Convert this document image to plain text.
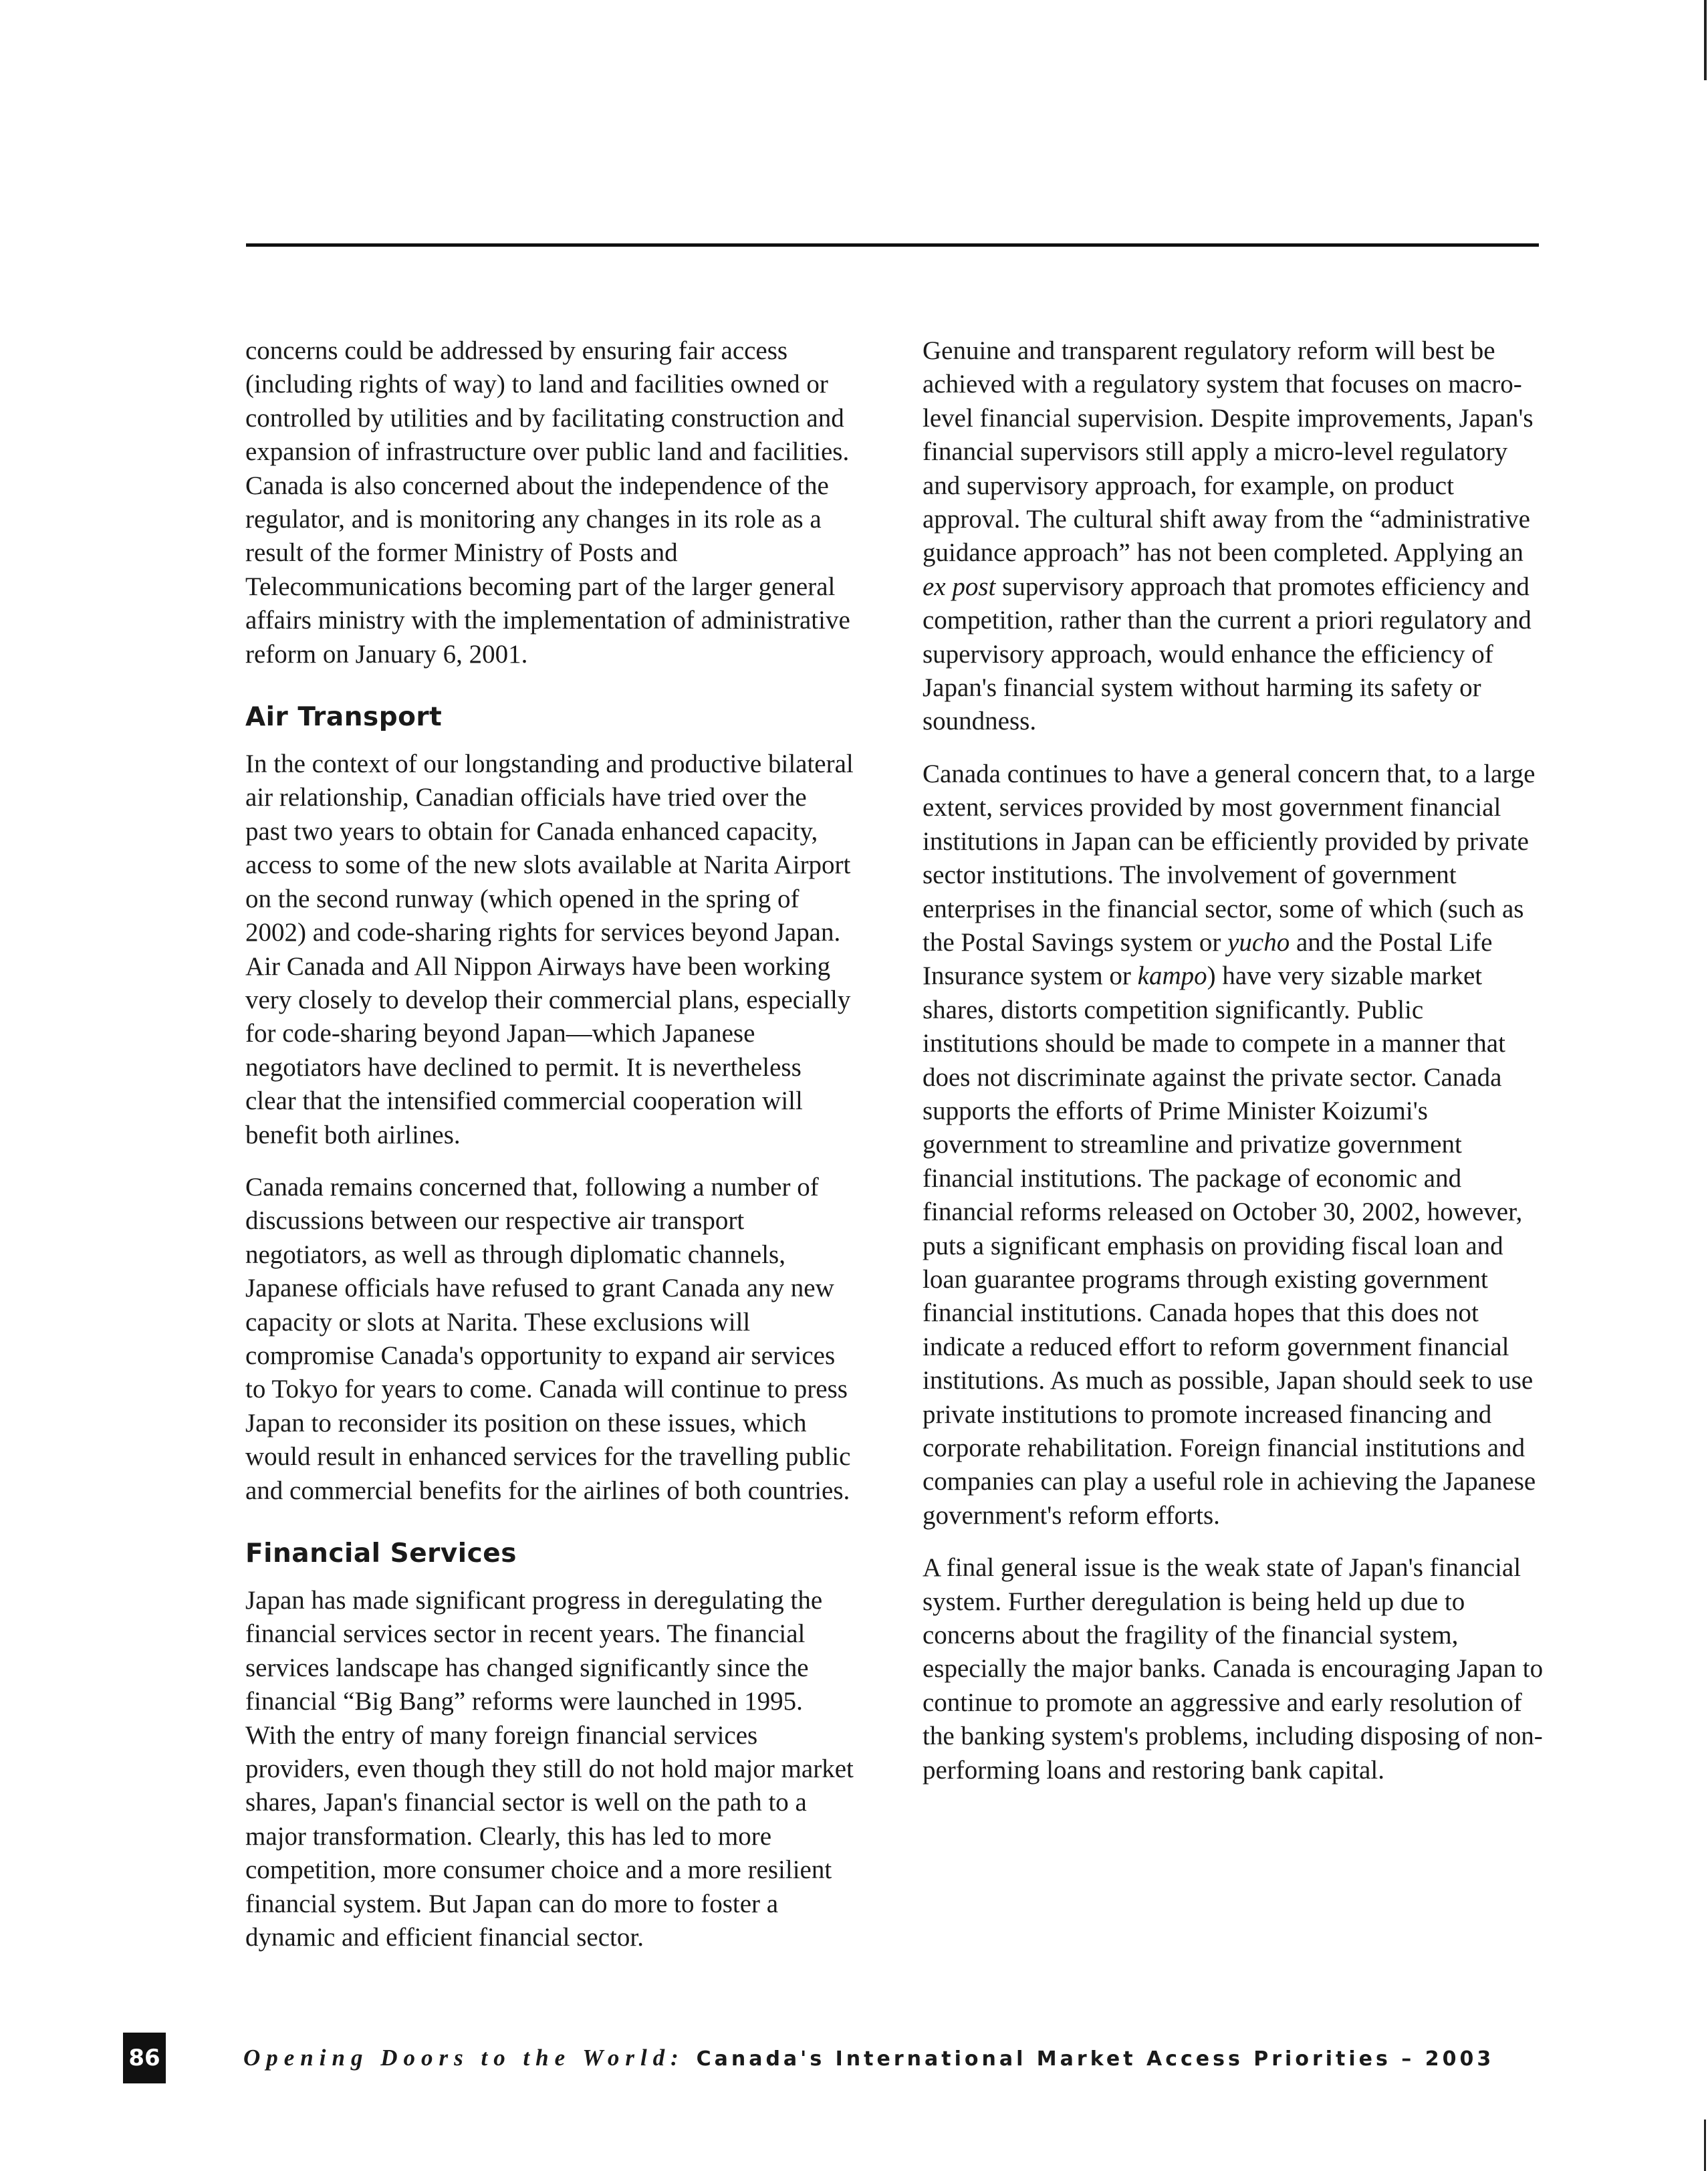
concerns could be addressed by ensuring fair access (including rights of way) to land and facilities owned or controlled by utilities and by facilitating construction and expansion of infrastructure over public land and facilities. Canada is also concerned about the independence of the regulator, and is monitoring any changes in its role as a result of the former Ministry of Posts and Telecommunications becoming part of the larger general affairs ministry with the implementation of administrative reform on January 6, 2001.

Air Transport

In the context of our longstanding and productive bilateral air relationship, Canadian officials have tried over the past two years to obtain for Canada enhanced capacity, access to some of the new slots available at Narita Airport on the second runway (which opened in the spring of 2002) and code-sharing rights for services beyond Japan. Air Canada and All Nippon Airways have been working very closely to develop their commercial plans, especially for code-sharing beyond Japan—which Japanese negotiators have declined to permit. It is nevertheless clear that the intensified commercial cooperation will benefit both airlines.

Canada remains concerned that, following a number of discussions between our respective air transport negotiators, as well as through diplomatic channels, Japanese officials have refused to grant Canada any new capacity or slots at Narita. These exclusions will compromise Canada's opportunity to expand air services to Tokyo for years to come. Canada will continue to press Japan to reconsider its position on these issues, which would result in enhanced services for the travelling public and commercial benefits for the airlines of both countries.

Financial Services

Japan has made significant progress in deregulating the financial services sector in recent years. The financial services landscape has changed significantly since the financial “Big Bang” reforms were launched in 1995. With the entry of many foreign financial services providers, even though they still do not hold major market shares, Japan's financial sector is well on the path to a major transformation. Clearly, this has led to more competition, more consumer choice and a more resilient financial system. But Japan can do more to foster a dynamic and efficient financial sector.

Genuine and transparent regulatory reform will best be achieved with a regulatory system that focuses on macro-level financial supervision. Despite improvements, Japan's financial supervisors still apply a micro-level regulatory and supervisory approach, for example, on product approval. The cultural shift away from the “administrative guidance approach” has not been completed. Applying an ex post supervisory approach that promotes efficiency and competition, rather than the current a priori regulatory and supervisory approach, would enhance the efficiency of Japan's financial system without harming its safety or soundness.

Canada continues to have a general concern that, to a large extent, services provided by most government financial institutions in Japan can be efficiently provided by private sector institutions. The involvement of government enterprises in the financial sector, some of which (such as the Postal Savings system or yucho and the Postal Life Insurance system or kampo) have very sizable market shares, distorts competition significantly. Public institutions should be made to compete in a manner that does not discriminate against the private sector. Canada supports the efforts of Prime Minister Koizumi's government to streamline and privatize government financial institutions. The package of economic and financial reforms released on October 30, 2002, however, puts a significant emphasis on providing fiscal loan and loan guarantee programs through existing government financial institutions. Canada hopes that this does not indicate a reduced effort to reform government financial institutions. As much as possible, Japan should seek to use private institutions to promote increased financing and corporate rehabilitation. Foreign financial institutions and companies can play a useful role in achieving the Japanese government's reform efforts.

A final general issue is the weak state of Japan's financial system. Further deregulation is being held up due to concerns about the fragility of the financial system, especially the major banks. Canada is encouraging Japan to continue to promote an aggressive and early resolution of the banking system's problems, including disposing of non-performing loans and restoring bank capital.

86	Opening Doors to the World: Canada's International Market Access Priorities – 2003
